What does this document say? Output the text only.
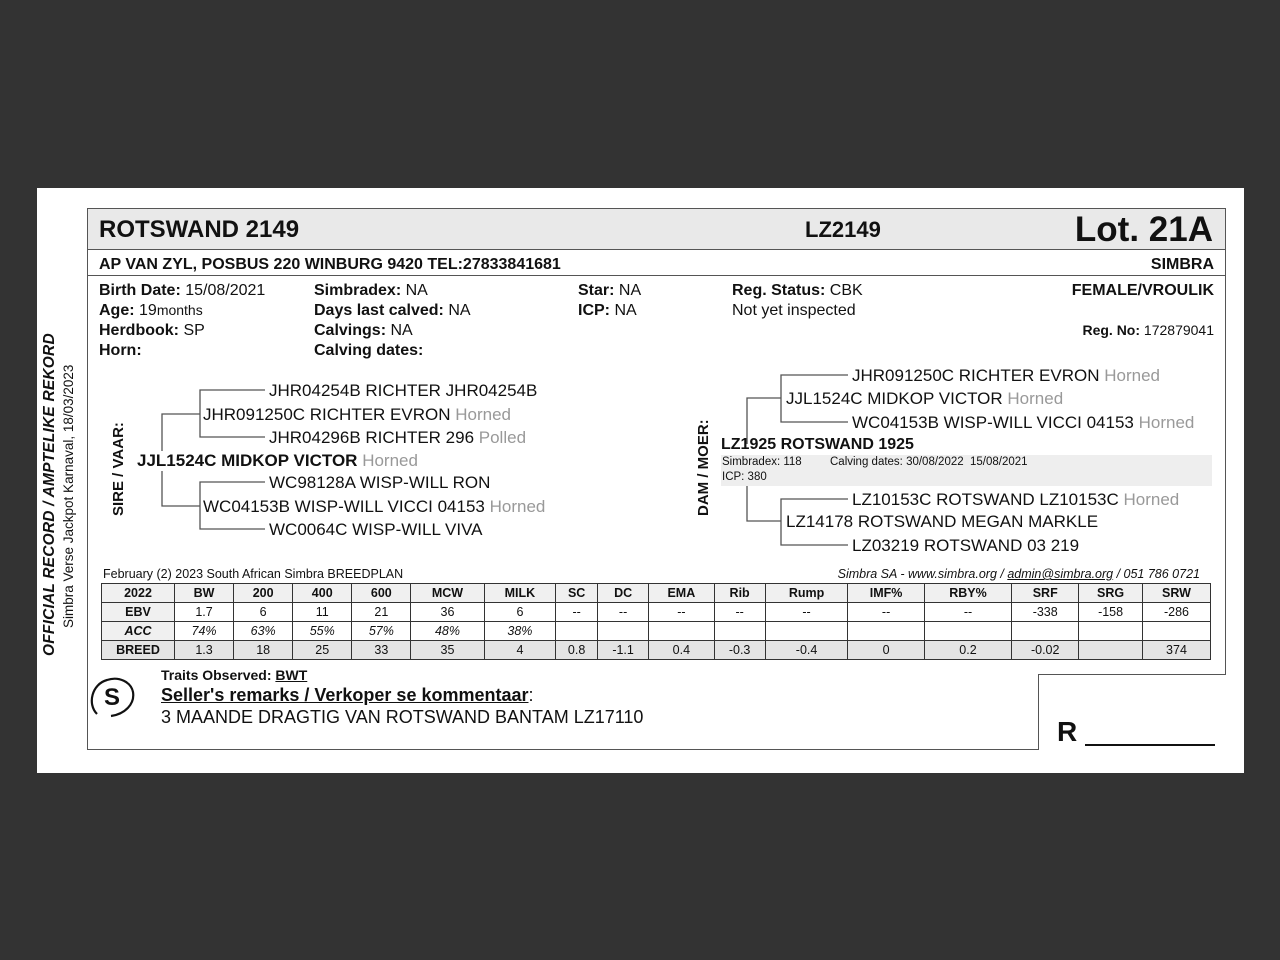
OFFICIAL RECORD / AMPTELIKE REKORD Simbra Verse Jackpot Karnaval, 18/03/2023
ROTSWAND 2149	LZ2149	Lot. 21A
AP VAN ZYL, POSBUS 220 WINBURG 9420 TEL:27833841681	SIMBRA
Birth Date: 15/08/2021
Age: 19months
Herdbook: SP
Horn:
Simbradex: NA
Days last calved: NA
Calvings: NA
Calving dates:
Star: NA
ICP: NA
Reg. Status: CBK
Not yet inspected
FEMALE/VROULIK
Reg. No: 172879041
SIRE / VAAR:
JHR04254B RICHTER JHR04254B
JHR091250C RICHTER EVRON Horned
JHR04296B RICHTER 296 Polled
JJL1524C MIDKOP VICTOR Horned
WC98128A WISP-WILL RON
WC04153B WISP-WILL VICCI 04153 Horned
WC0064C WISP-WILL VIVA
DAM / MOER:
JHR091250C RICHTER EVRON Horned
JJL1524C MIDKOP VICTOR Horned
WC04153B WISP-WILL VICCI 04153 Horned
LZ1925 ROTSWAND 1925
Simbradex: 118 Calving dates: 30/08/2022  15/08/2021
ICP: 380
LZ10153C ROTSWAND LZ10153C Horned
LZ14178 ROTSWAND MEGAN MARKLE
LZ03219 ROTSWAND 03 219
February (2) 2023 South African Simbra BREEDPLAN	Simbra SA - www.simbra.org / admin@simbra.org / 051 786 0721
2022	BW	200	400	600	MCW	MILK	SC	DC	EMA	Rib	Rump	IMF%	RBY%	SRF	SRG	SRW
EBV	1.7	6	11	21	36	6	--	--	--	--	--	--	--	-338	-158	-286
ACC	74%	63%	55%	57%	48%	38%										
BREED	1.3	18	25	33	35	4	0.8	-1.1	0.4	-0.3	-0.4	0	0.2	-0.02		374
Traits Observed: BWT
S Seller's remarks / Verkoper se kommentaar:
3 MAANDE DRAGTIG VAN ROTSWAND BANTAM LZ17110	R
